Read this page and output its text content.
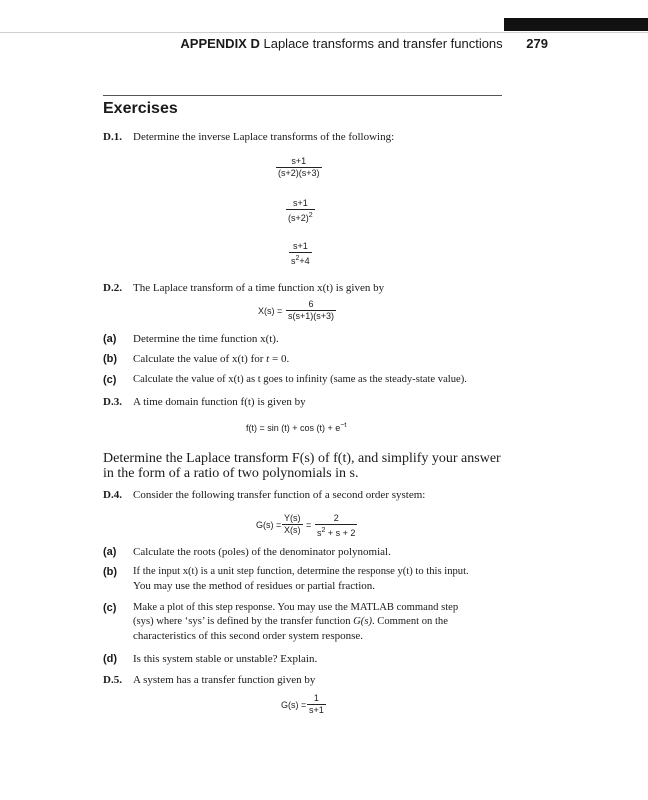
APPENDIX D Laplace transforms and transfer functions 279
Exercises
D.1. Determine the inverse Laplace transforms of the following:
s+1
(s+2)(s+3)
s+1
$(s+2)^2$
s+1
$s^2+4$
D.2. The Laplace transform of a time function x(t) is given by
X(s) =
6
s(s+1)(s+3)
(a) Determine the time function x(t).
(b) Calculate the value of x(t) for t = 0.
(c) Calculate the value of x(t) as t goes to infinity (same as the steady-state value).
D.3. A time domain function f(t) is given by
$f(t) = \sin (t) + \cos (t) + e^{-t}$
Determine the Laplace transform F(s) of f(t), and simplify your answer
in the form of a ratio of two polynomials in s.
D.4. Consider the following transfer function of a second order system:
G(s) =
Y(s)
X(s) =
2
$s^2 + s + 2$
(a) Calculate the roots (poles) of the denominator polynomial.
(b) If the input x(t) is a unit step function, determine the response y(t) to this input.
You may use the method of residues or partial fraction.
(c) Make a plot of this step response. You may use the MATLAB command step
(sys) where ‘sys’ is defined by the transfer function G(s). Comment on the
characteristics of this second order system response.
(d) Is this system stable or unstable? Explain.
D.5. A system has a transfer function given by
G(s) =
1
s+1
